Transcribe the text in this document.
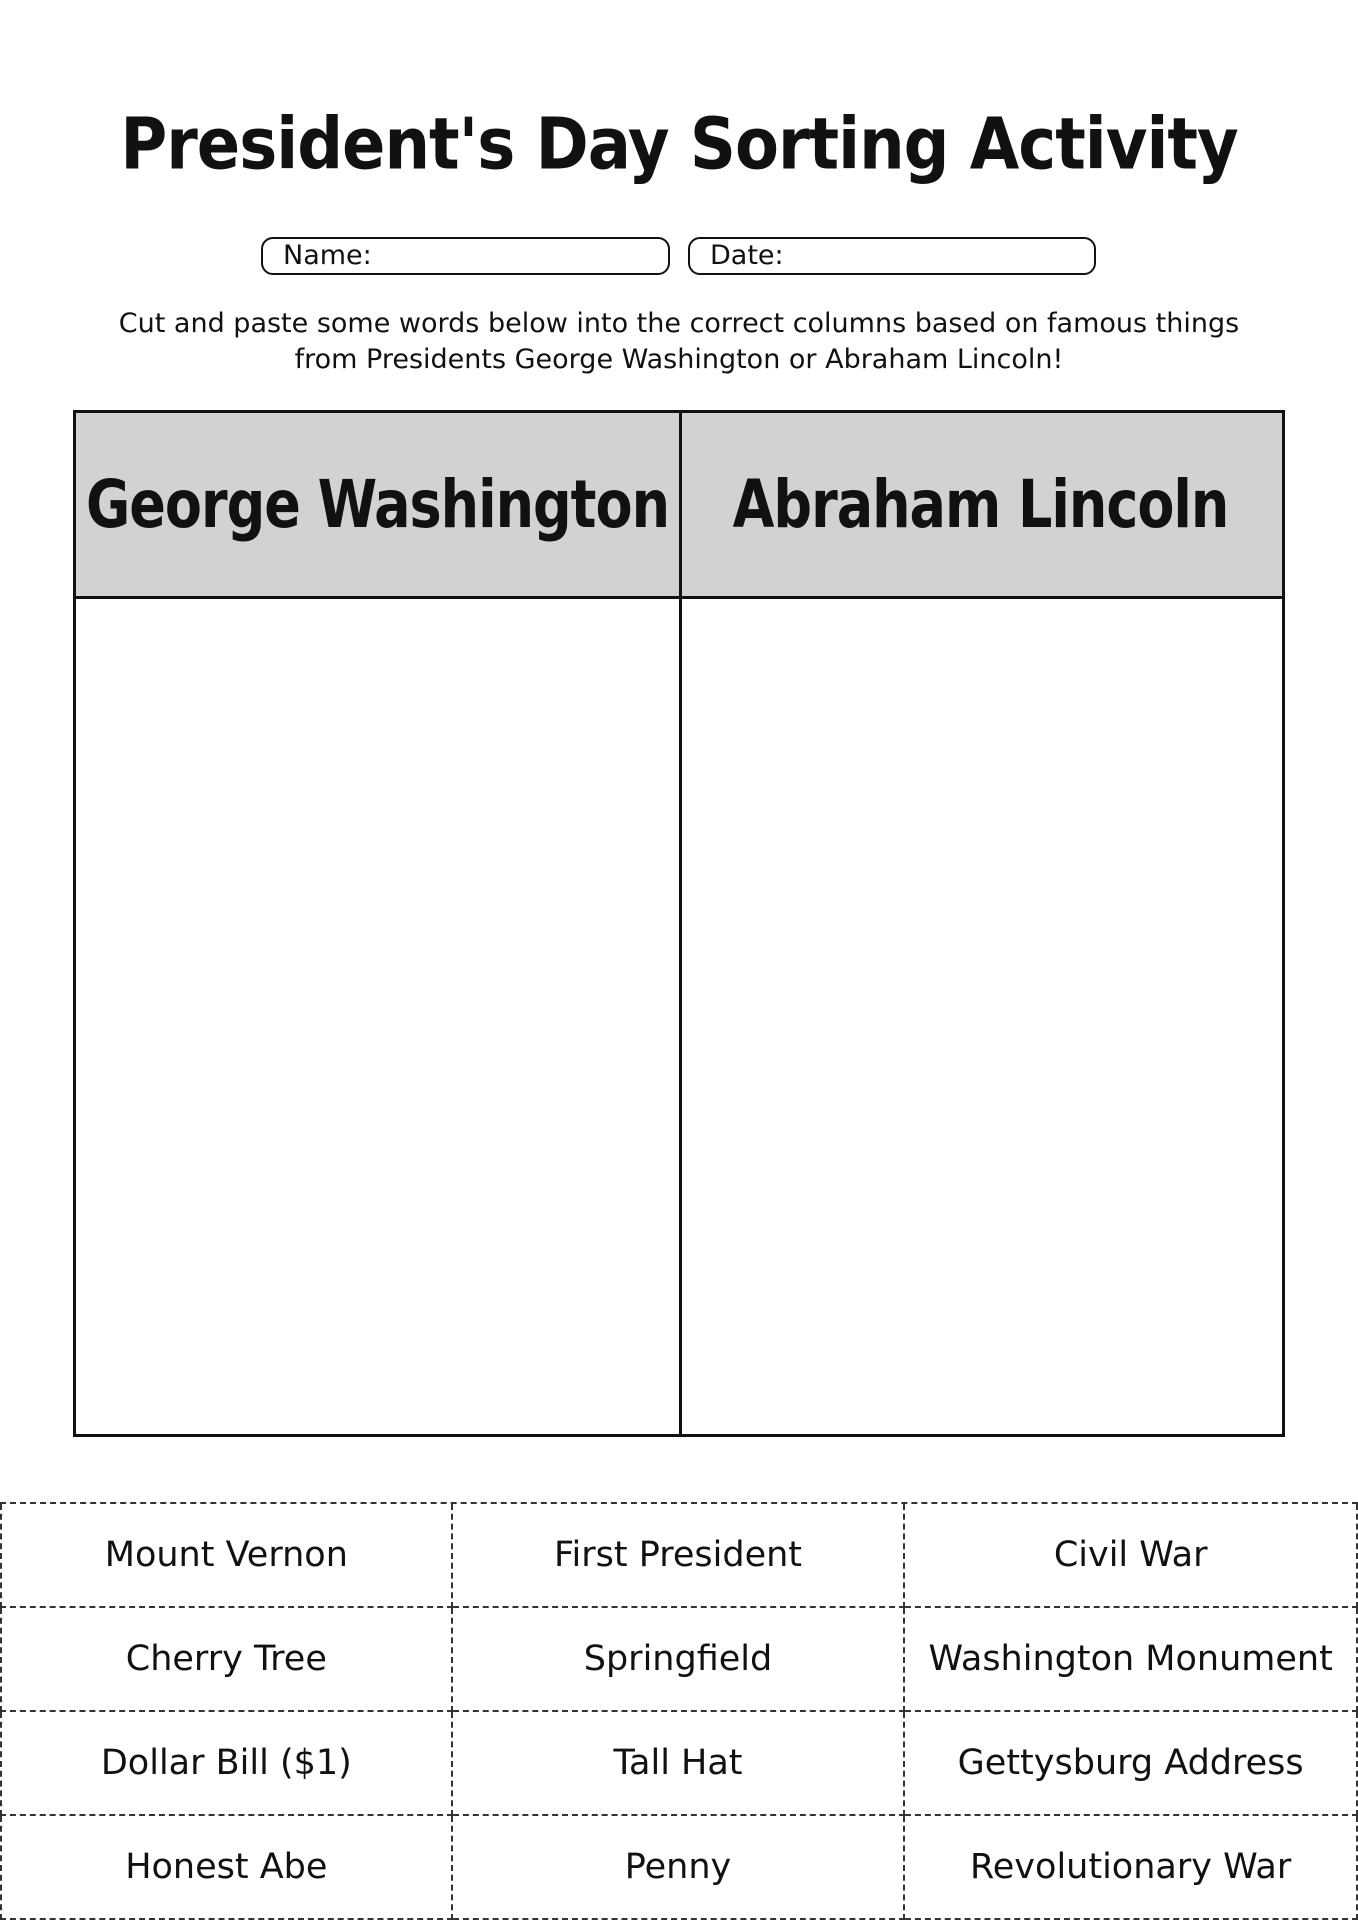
President's Day Sorting Activity
Name:	Date:
Cut and paste some words below into the correct columns based on famous things
from Presidents George Washington or Abraham Lincoln!
George Washington	Abraham Lincoln
Mount Vernon	First President	Civil War
Cherry Tree	Springfield	Washington Monument
Dollar Bill ($1)	Tall Hat	Gettysburg Address
Honest Abe	Penny	Revolutionary War
